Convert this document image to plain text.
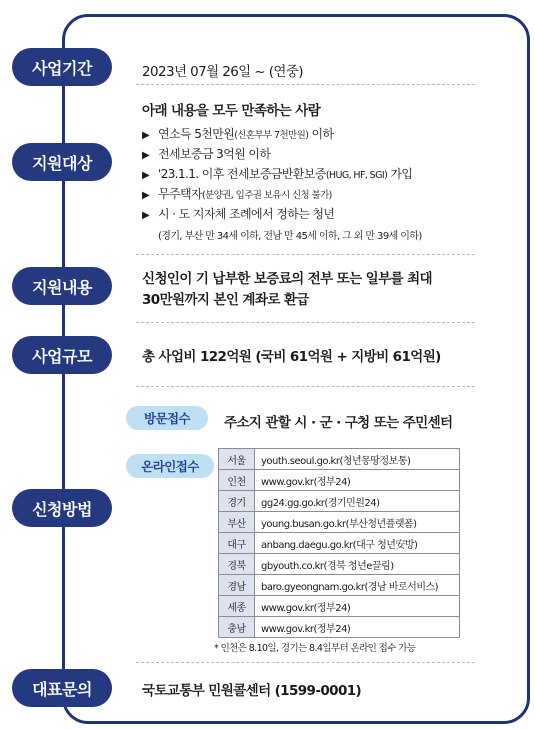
사업기간	2023년 07월 26일 ~ (연중)
지원대상
아래 내용을 모두 만족하는 사람
▶ 연소득 5천만원(신혼부부 7천만원) 이하
▶ 전세보증금 3억원 이하
▶ '23.1.1. 이후 전세보증금반환보증(HUG, HF, SGI) 가입
▶ 무주택자(분양권, 입주권 보유시 신청 불가)
▶ 시 · 도 지자체 조례에서 정하는 청년
(경기, 부산 만 34세 이하, 전남 만 45세 이하, 그 외 만 39세 이하)
지원내용	신청인이 기 납부한 보증료의 전부 또는 일부를 최대
30만원까지 본인 계좌로 환급
사업규모	총 사업비 122억원 (국비 61억원 + 지방비 61억원)
신청방법
방문접수	주소지 관할 시 · 군 · 구청 또는 주민센터
온라인접수	서울	youth.seoul.go.kr(청년몽땅정보통)
인천	www.gov.kr(정부24)
경기	gg24.gg.go.kr(경기민원24)
부산	young.busan.go.kr(부산청년플랫폼)
대구	anbang.daegu.go.kr(대구 청년安방)
경북	gbyouth.co.kr(경북 청년e끌림)
경남	baro.gyeongnam.go.kr(경남 바로서비스)
세종	www.gov.kr(정부24)
충남	www.gov.kr(정부24)
* 인천은 8.10일, 경기는 8.4일부터 온라인 접수 가능
대표문의	국토교통부 민원콜센터 (1599-0001)
